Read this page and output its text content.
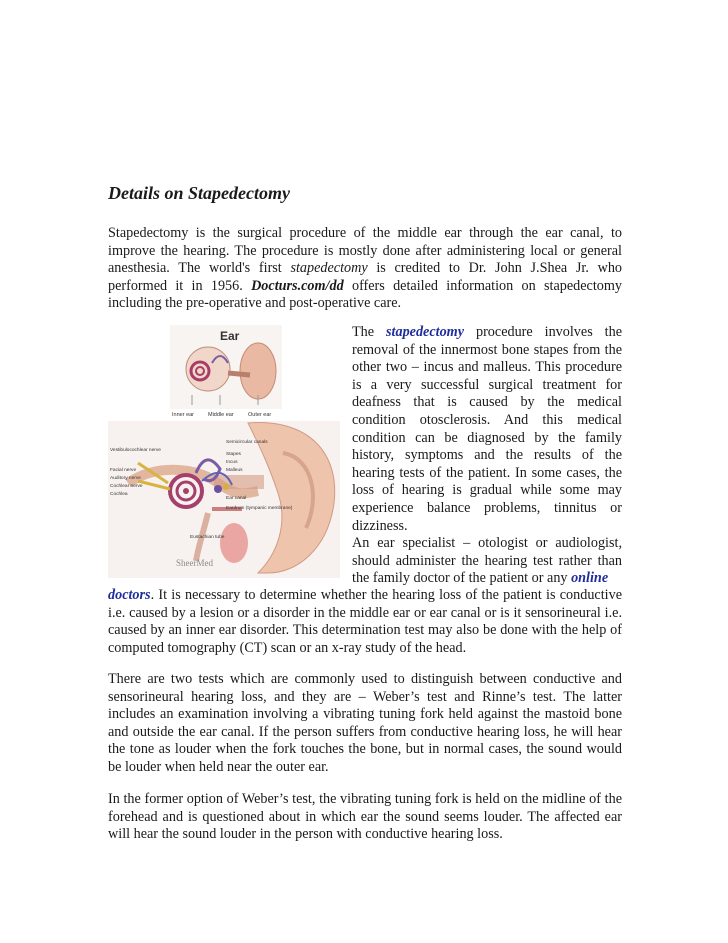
Details on Stapedectomy

Stapedectomy is the surgical procedure of the middle ear through the ear canal, to improve the hearing. The procedure is mostly done after administering local or general anesthesia. The world's first stapedectomy is credited to Dr. John J.Shea Jr. who performed it in 1956. Docturs.com/dd offers detailed information on stapedectomy including the pre-operative and post-operative care.

Ear
Inner ear	Middle ear	Outer ear
Vestibulocochlear nerve
Facial nerve
Auditory nerve
Cochlear nerve
Cochlea
Semicircular canals
Stapes
Incus
Malleus
Ear canal
Eardrum (tympanic membrane)
Eustachian tube
SheerMed

The stapedectomy procedure involves the removal of the innermost bone stapes from the other two – incus and malleus. This procedure is a very successful surgical treatment for deafness that is caused by the medical condition otosclerosis. And this medical condition can be diagnosed by the family history, symptoms and the results of the hearing tests of the patient. In some cases, the loss of hearing is gradual while some may experience balance problems, tinnitus or dizziness.

An ear specialist – otologist or audiologist, should administer the hearing test rather than the family doctor of the patient or any online

doctors. It is necessary to determine whether the hearing loss of the patient is conductive i.e. caused by a lesion or a disorder in the middle ear or ear canal or is it sensorineural i.e. caused by an inner ear disorder. This determination test may also be done with the help of computed tomography (CT) scan or an x-ray study of the head.

There are two tests which are commonly used to distinguish between conductive and sensorineural hearing loss, and they are – Weber’s test and Rinne’s test. The latter includes an examination involving a vibrating tuning fork held against the mastoid bone and outside the ear canal. If the person suffers from conductive hearing loss, he will hear the tone as louder when the fork touches the bone, but in normal cases, the sound would be louder when held near the outer ear.

In the former option of Weber’s test, the vibrating tuning fork is held on the midline of the forehead and is questioned about in which ear the sound seems louder. The affected ear will hear the sound louder in the person with conductive hearing loss.
